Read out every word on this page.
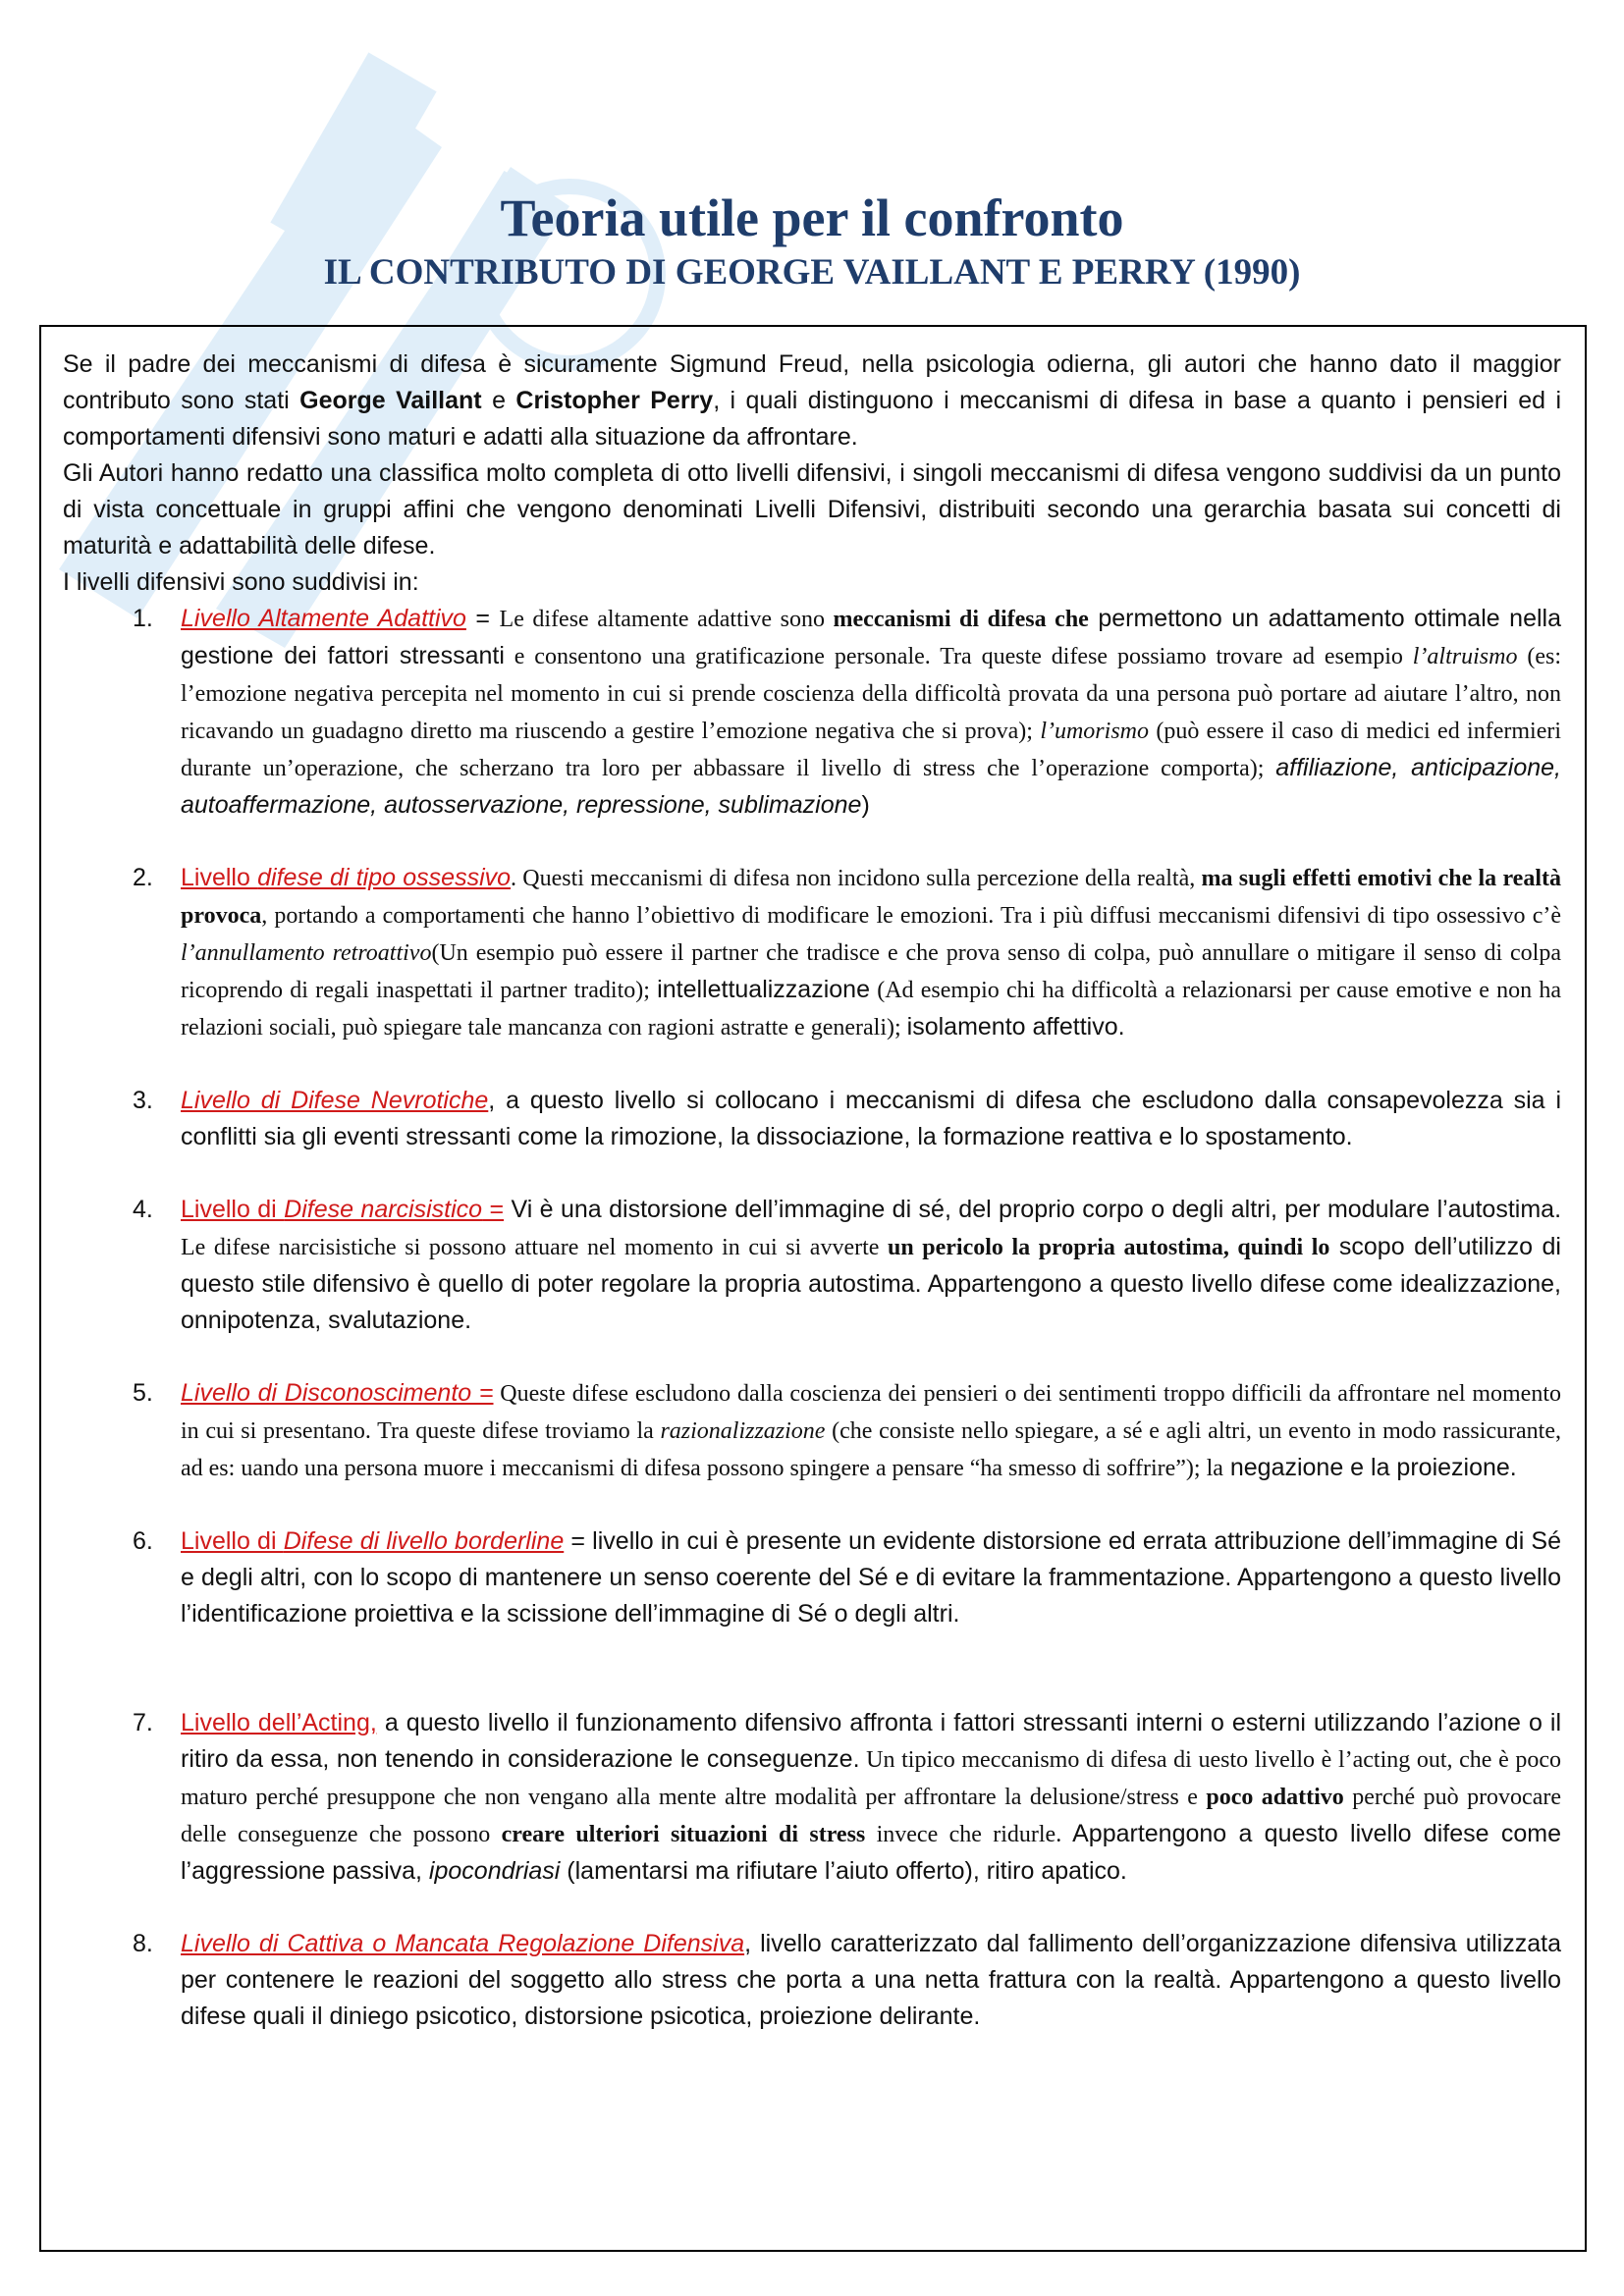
Teoria utile per il confronto
IL CONTRIBUTO DI GEORGE VAILLANT E PERRY (1990)

Se il padre dei meccanismi di difesa è sicuramente Sigmund Freud, nella psicologia odierna, gli autori che hanno dato il maggior contributo sono stati George Vaillant e Cristopher Perry, i quali distinguono i meccanismi di difesa in base a quanto i pensieri ed i comportamenti difensivi sono maturi e adatti alla situazione da affrontare.

Gli Autori hanno redatto una classifica molto completa di otto livelli difensivi, i singoli meccanismi di difesa vengono suddivisi da un punto di vista concettuale in gruppi affini che vengono denominati Livelli Difensivi, distribuiti secondo una gerarchia basata sui concetti di maturità e adattabilità delle difese.

I livelli difensivi sono suddivisi in:

1. Livello Altamente Adattivo = Le difese altamente adattive sono meccanismi di difesa che permettono un adattamento ottimale nella gestione dei fattori stressanti e consentono una gratificazione personale. Tra queste difese possiamo trovare ad esempio l’altruismo (es: l’emozione negativa percepita nel momento in cui si prende coscienza della difficoltà provata da una persona può portare ad aiutare l’altro, non ricavando un guadagno diretto ma riuscendo a gestire l’emozione negativa che si prova); l’umorismo (può essere il caso di medici ed infermieri durante un’operazione, che scherzano tra loro per abbassare il livello di stress che l’operazione comporta); affiliazione, anticipazione, autoaffermazione, autosservazione, repressione, sublimazione)
2. Livello difese di tipo ossessivo. Questi meccanismi di difesa non incidono sulla percezione della realtà, ma sugli effetti emotivi che la realtà provoca, portando a comportamenti che hanno l’obiettivo di modificare le emozioni. Tra i più diffusi meccanismi difensivi di tipo ossessivo c’è l’annullamento retroattivo(Un esempio può essere il partner che tradisce e che prova senso di colpa, può annullare o mitigare il senso di colpa ricoprendo di regali inaspettati il partner tradito); intellettualizzazione (Ad esempio chi ha difficoltà a relazionarsi per cause emotive e non ha relazioni sociali, può spiegare tale mancanza con ragioni astratte e generali); isolamento affettivo.
3. Livello di Difese Nevrotiche, a questo livello si collocano i meccanismi di difesa che escludono dalla consapevolezza sia i conflitti sia gli eventi stressanti come la rimozione, la dissociazione, la formazione reattiva e lo spostamento.
4. Livello di Difese narcisistico = Vi è una distorsione dell’immagine di sé, del proprio corpo o degli altri, per modulare l’autostima. Le difese narcisistiche si possono attuare nel momento in cui si avverte un pericolo la propria autostima, quindi lo scopo dell’utilizzo di questo stile difensivo è quello di poter regolare la propria autostima. Appartengono a questo livello difese come idealizzazione, onnipotenza, svalutazione.
5. Livello di Disconoscimento = Queste difese escludono dalla coscienza dei pensieri o dei sentimenti troppo difficili da affrontare nel momento in cui si presentano. Tra queste difese troviamo la razionalizzazione (che consiste nello spiegare, a sé e agli altri, un evento in modo rassicurante, ad es: uando una persona muore i meccanismi di difesa possono spingere a pensare “ha smesso di soffrire”); la negazione e la proiezione.
6. Livello di Difese di livello borderline = livello in cui è presente un evidente distorsione ed errata attribuzione dell’immagine di Sé e degli altri, con lo scopo di mantenere un senso coerente del Sé e di evitare la frammentazione. Appartengono a questo livello l’identificazione proiettiva e la scissione dell’immagine di Sé o degli altri.
7. Livello dell’Acting, a questo livello il funzionamento difensivo affronta i fattori stressanti interni o esterni utilizzando l’azione o il ritiro da essa, non tenendo in considerazione le conseguenze. Un tipico meccanismo di difesa di uesto livello è l’acting out, che è poco maturo perché presuppone che non vengano alla mente altre modalità per affrontare la delusione/stress e poco adattivo perché può provocare delle conseguenze che possono creare ulteriori situazioni di stress invece che ridurle. Appartengono a questo livello difese come l’aggressione passiva, ipocondriasi (lamentarsi ma rifiutare l’aiuto offerto), ritiro apatico.
8. Livello di Cattiva o Mancata Regolazione Difensiva, livello caratterizzato dal fallimento dell’organizzazione difensiva utilizzata per contenere le reazioni del soggetto allo stress che porta a una netta frattura con la realtà. Appartengono a questo livello difese quali il diniego psicotico, distorsione psicotica, proiezione delirante.
